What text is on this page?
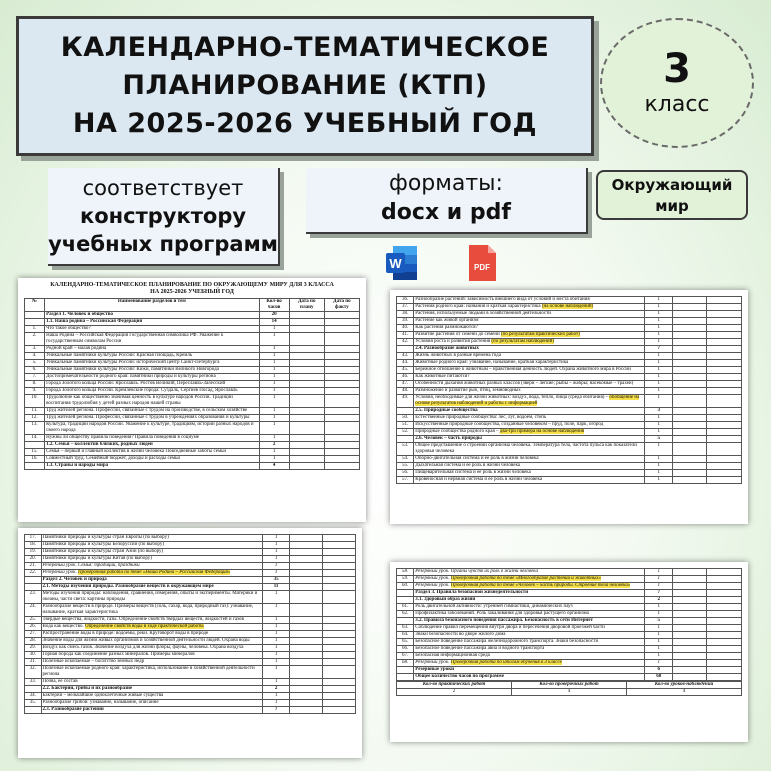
КАЛЕНДАРНО-ТЕМАТИЧЕСКОЕ
ПЛАНИРОВАНИЕ (КТП)
НА 2025-2026 УЧЕБНЫЙ ГОД
3
класс
соответствует
конструктору
учебных программ
форматы:
docx и pdf
Окружающий
мир
W	PDF
КАЛЕНДАРНО-ТЕМАТИЧЕСКОЕ ПЛАНИРОВАНИЕ ПО ОКРУЖАЮЩЕМУ МИРУ ДЛЯ 3 КЛАССА
НА 2025-2026 УЧЕБНЫЙ ГОД
№	Наименование разделов и тем	Кол-во часов	Дата по плану	Дата по факту
	Раздел 1. Человек и общество	20		
	1.1. Наша родина – Российская Федерация	14		
1.	Что такое общество?	1		
2.	Наша Родина – Российская Федерация Государственная символика РФ. Уважение к государственным символам России	1		
3.	Родной край – малая родина	1		
4.	Уникальные памятники культуры России: Красная площадь, Кремль	1		
5.	Уникальные памятники культуры России: исторический центр Санкт-Петербурга	1		
6.	Уникальные памятники культуры России: Кижи, памятники Великого Новгорода	1		
7.	Достопримечательности родного края: памятники природы и культуры региона	1		
8.	Города Золотого кольца России: Ярославль. Ростов Великий, Переславль-Залесский	1		
9.	Города Золотого кольца России. Кремлевские города: Суздаль, Сергиев Посад, Ярославль	1		
10.	Трудолюбие как общественно значимая ценность в культуре народов России. Традиции воспитания трудолюбия у детей разных народов нашей страны	1		
11.	Труд жителей региона. Профессии, связанные с трудом на производстве, в сельском хозяйстве	1		
12.	Труд жителей региона. Профессии, связанные с трудом в учреждениях образования и культуры	1		
13.	Культура, традиции народов России. Уважение к культуре, традициям, истории разных народов и своего народа	1		
14.	Нужны ли обществу правила поведения? Правила поведения в социуме	1		
	1.2. Семья – коллектив близких, родных людей	2		
15.	Семья – первый и главный коллектив в жизни человека Повседневные заботы семьи	1		
16.	Совместный труд. Семейный бюджет, доходы и расходы семьи	1		
	1.3. Страны и народы мира	4		
36.	Разнообразие растений: зависимость внешнего вида от условий и места обитания	1		
37.	Растения родного края: названия и краткая характеристика (на основе наблюдений)	1		
38.	Растения, используемые людьми в хозяйственной деятельности	1		
39.	Растение как живой организм	1		
40.	Как растения размножаются?	1		
41.	Развитие растения от семени до семени (по результатам практических работ)	1		
42.	Условия роста и развития растения (по результатам наблюдений)	1		
	2.4. Разнообразие животных	7		
43.	Жизнь животных в разные времена года	1		
44.	Животные родного края: узнавание, называние, краткая характеристика	1		
45.	Бережное отношение к животным – нравственная ценность людей. Охрана животного мира в России	1		
46.	Как животные питаются?	1		
47.	Особенности дыхания животных разных классов (звери – легкие; рыбы – жабры; насекомые – трахеи)	1		
48.	Размножение и развитие рыб, птиц, земноводных	1		
49.	Условия, необходимые для жизни животных: воздух, вода, тепло, пища (среда обитания) – обобщение на основе результатов наблюдений и работы с информацией	1		
	2.5. Природные сообщества	3		
50.	Естественные природные сообщества: лес, луг, водоем, степь	1		
51.	Искусственные природные сообщества, созданные человеком – пруд, поле, парк, огород	1		
52.	Природные сообщества родного края – два-три примера на основе наблюдения	1		
	2.6. Человек – часть природы	5		
53.	Общее представление о строении организма человека. Температура тела, частота пульса как показатели здоровья человека	1		
54.	Опорно-двигательная система и ее роль в жизни человека	1		
55.	Дыхательная система и ее роль в жизни человека	1		
56.	Пищеварительная система и ее роль в жизни человека	1		
57.	Кровеносная и нервная система и ее роль в жизни человека	1		
17.	Памятники природы и культуры стран Европы (по выбору)	1		
18.	Памятники природы и культуры Белоруссии (по выбору)	1		
19.	Памятники природы и культуры стран Азии (по выбору)	1		
20.	Памятники природы и культуры Китая (по выбору)	1		
21.	Резервный урок. Семья: традиции, праздники	1		
22.	Резервный урок. Проверочная работа по теме «Наша Родина – Российская Федерация»	1		
	Раздел 2. Человек и природа	35		
	2.1. Методы изучения природы. Разнообразие веществ в окружающем мире	11		
23.	Методы изучения природы: наблюдения, сравнения, измерения, опыты и эксперименты. Материки и океаны, части света: картины природы	1		
24.	Разнообразие веществ в природе. Примеры веществ (соль, сахар, вода, природный газ): узнавание, называние, краткая характеристика	1		
25.	Твердые вещества, жидкости, газы. Определение свойств твердых веществ, жидкостей и газов	1		
26.	Вода как вещество. Определение свойств воды в ходе практической работы	1		
27.	Распространение воды в природе: водоемы, реки. Круговорот воды в природе	1		
28.	Значение воды для жизни живых организмов и хозяйственной деятельности людей. Охрана воды	1		
29.	Воздух как смесь газов. Значение воздуха для жизни флоры, фауны, человека. Охрана воздуха	1		
30.	Горная порода как соединение разных минералов. Примеры минералов	1		
31.	Полезные ископаемые – богатство земных недр	1		
32.	Полезные ископаемые родного края: характеристика, использование в хозяйственной деятельности региона	1		
33.	Почва, её состав	1		
	2.2. Бактерии, грибы и их разнообразие	2		
34.	Бактерии – мельчайшие одноклеточные живые существа	1		
35.	Разнообразие грибов: узнавание, называние, описание	1		
	2.3. Разнообразие растений	7		
58.	Резервный урок. Органы чувств их роль в жизни человека	1		
59.	Резервный урок. Проверочная работа по теме «Многообразие растений и животных»	1		
60.	Резервный урок. Проверочная работа по теме «Человек – часть природы. Строение тела человека»	1		
	Раздел 3. Правила безопасной жизнедеятельности	7		
	3.1. Здоровый образ жизни	2		
61.	Роль двигательной активности: утренней гимнастики, динамических пауз	1		
62.	Профилактика заболеваний. Роль закаливания для здоровья растущего организма	1		
	3.2. Правила безопасного поведения пассажира. Безопасность в сети Интернет	5		
63.	Соблюдение правил перемещения внутри двора и пересечения дворовой проезжей части	1		
64.	Знаки безопасности во дворе жилого дома	1		
65.	Безопасное поведение пассажира железнодорожного транспорта. Знаки безопасности	1		
66.	Безопасное поведение пассажира авиа и водного транспорта	1		
67.	Безопасная информационная среда	1		
68.	Резервный урок. Проверочная работа по итогам обучения в 3 классе	1		
	Резервные уроки	6		
	Общее количество часов по программе	68		
Кол-во практических работ	Кол-во проверочных работ	Кол-во уроков-наблюдений
2	4	4
